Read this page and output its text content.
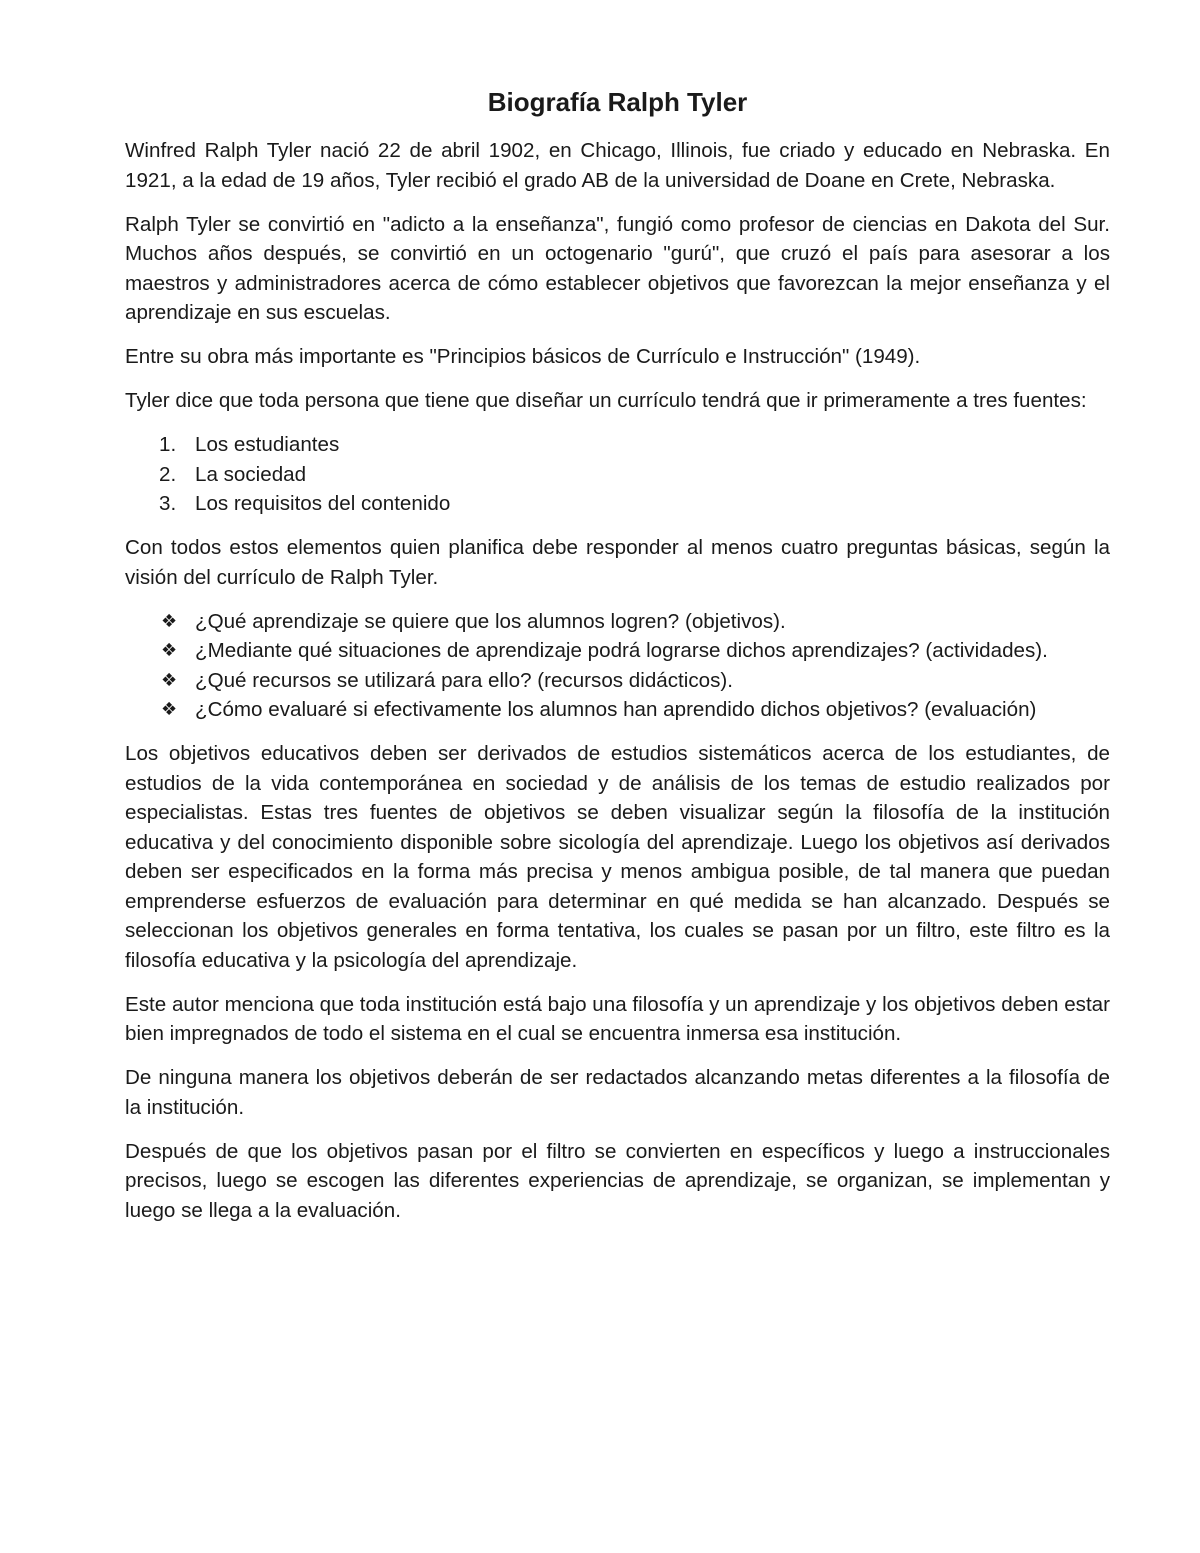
Biografía Ralph Tyler

Winfred Ralph Tyler nació 22 de abril 1902, en Chicago, Illinois, fue criado y educado en Nebraska. En 1921, a la edad de 19 años, Tyler recibió el grado AB de la universidad de Doane en Crete, Nebraska.

Ralph Tyler se convirtió en "adicto a la enseñanza", fungió como profesor de ciencias en Dakota del Sur. Muchos años después, se convirtió en un octogenario "gurú", que cruzó el país para asesorar a los maestros y administradores acerca de cómo establecer objetivos que favorezcan la mejor enseñanza y el aprendizaje en sus escuelas.

Entre su obra más importante es "Principios básicos de Currículo e Instrucción" (1949).

Tyler dice que toda persona que tiene que diseñar un currículo tendrá que ir primeramente a tres fuentes:

1. Los estudiantes
2. La sociedad
3. Los requisitos del contenido

Con todos estos elementos quien planifica debe responder al menos cuatro preguntas básicas, según la visión del currículo de Ralph Tyler.

❖ ¿Qué aprendizaje se quiere que los alumnos logren? (objetivos).
❖ ¿Mediante qué situaciones de aprendizaje podrá lograrse dichos aprendizajes? (actividades).
❖ ¿Qué recursos se utilizará para ello? (recursos didácticos).
❖ ¿Cómo evaluaré si efectivamente los alumnos han aprendido dichos objetivos? (evaluación)

Los objetivos educativos deben ser derivados de estudios sistemáticos acerca de los estudiantes, de estudios de la vida contemporánea en sociedad y de análisis de los temas de estudio realizados por especialistas. Estas tres fuentes de objetivos se deben visualizar según la filosofía de la institución educativa y del conocimiento disponible sobre sicología del aprendizaje. Luego los objetivos así derivados deben ser especificados en la forma más precisa y menos ambigua posible, de tal manera que puedan emprenderse esfuerzos de evaluación para determinar en qué medida se han alcanzado. Después se seleccionan los objetivos generales en forma tentativa, los cuales se pasan por un filtro, este filtro es la filosofía educativa y la psicología del aprendizaje.

Este autor menciona que toda institución está bajo una filosofía y un aprendizaje y los objetivos deben estar bien impregnados de todo el sistema en el cual se encuentra inmersa esa institución.

De ninguna manera los objetivos deberán de ser redactados alcanzando metas diferentes a la filosofía de la institución.

Después de que los objetivos pasan por el filtro se convierten en específicos y luego a instruccionales precisos, luego se escogen las diferentes experiencias de aprendizaje, se organizan, se implementan y luego se llega a la evaluación.
